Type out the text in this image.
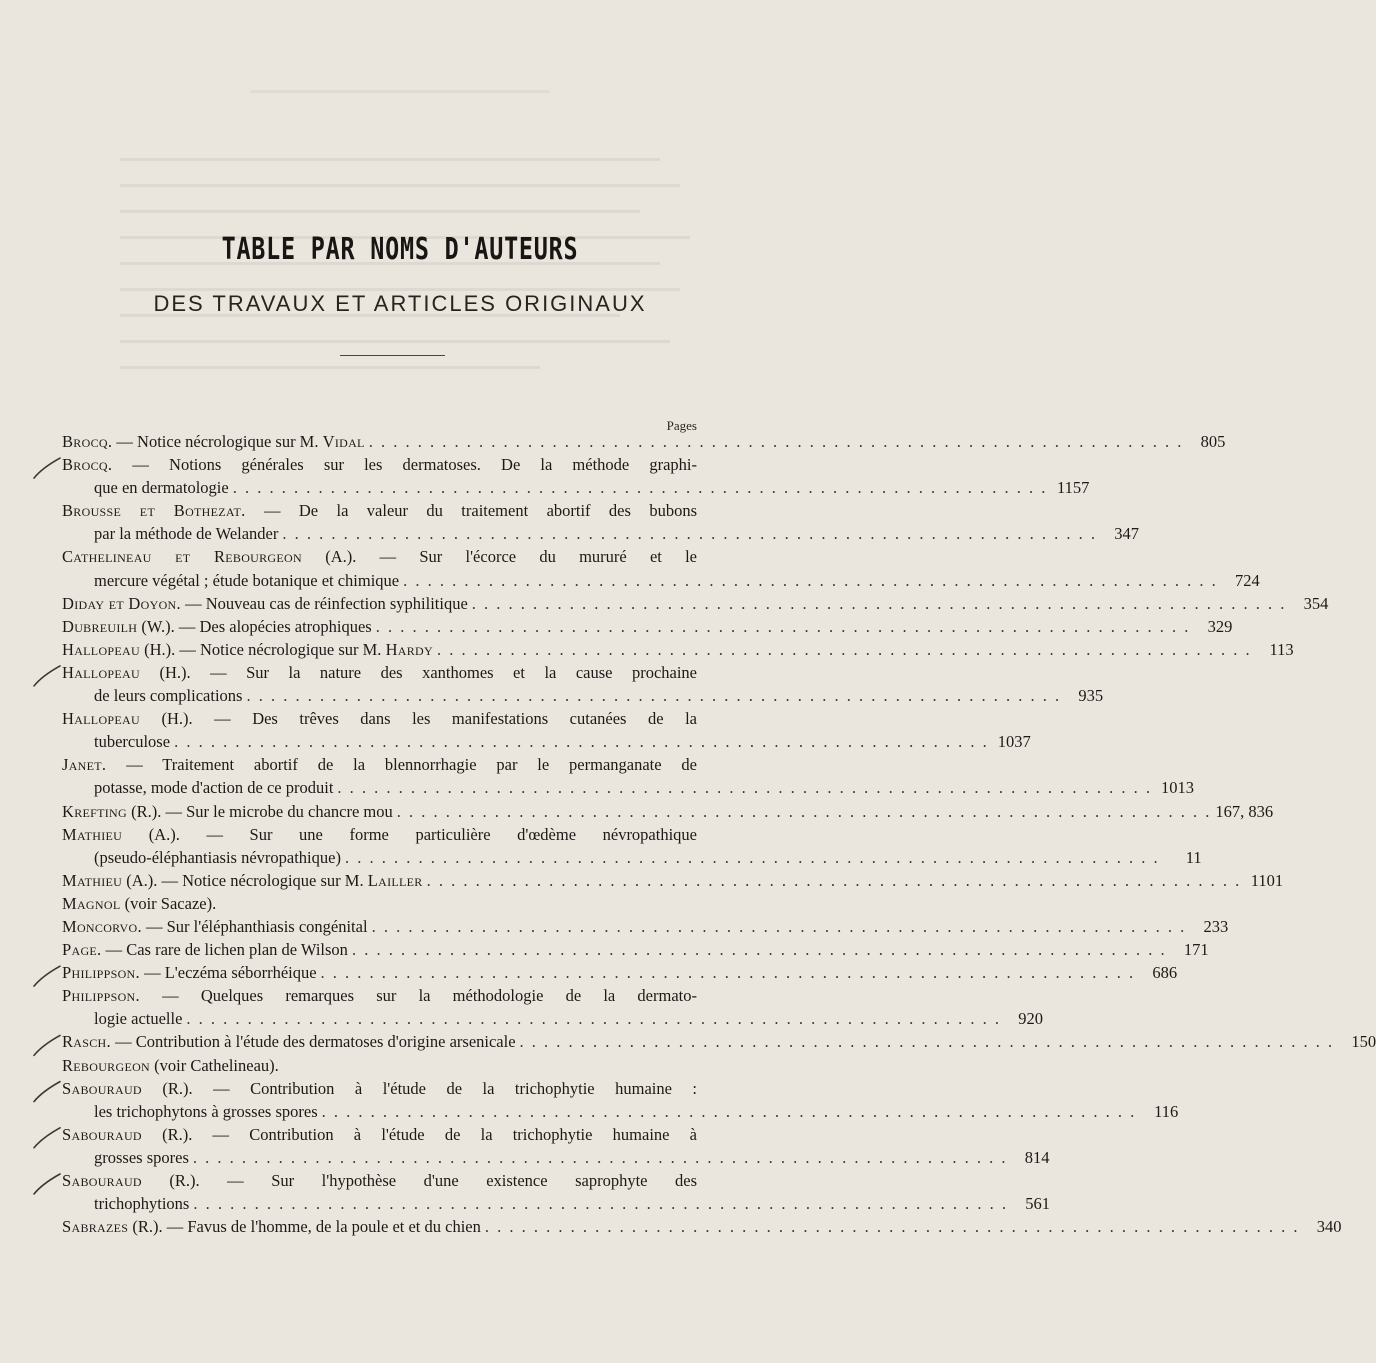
TABLE PAR NOMS D'AUTEURS
DES TRAVAUX ET ARTICLES ORIGINAUX
Pages
Brocq. — Notice nécrologique sur M. Vidal . . . . . . . . . . . . . . . . . . . . . . . . . . . . . . . . . . . . . . . . . . . . . . . . . . . . . . . . . . . . . . . . . . .	805
Brocq. — Notions générales sur les dermatoses. De la méthode graphi-
que en dermatologie . . . . . . . . . . . . . . . . . . . . . . . . . . . . . . . . . . . . . . . . . . . . . . . . . . . . . . . . . . . . . . . . . . . 1157
Brousse et Bothezat. — De la valeur du traitement abortif des bubons
par la méthode de Welander . . . . . . . . . . . . . . . . . . . . . . . . . . . . . . . . . . . . . . . . . . . . . . . . . . . . . . . . . . . . . . . . . . .	347
Cathelineau et Rebourgeon (A.). — Sur l'écorce du mururé et le
mercure végétal ; étude botanique et chimique . . . . . . . . . . . . . . . . . . . . . . . . . . . . . . . . . . . . . . . . . . . . . . . . . . . . . . . . . . . . . . . . . . .	724
Diday et Doyon. — Nouveau cas de réinfection syphilitique . . . . . . . . . . . . . . . . . . . . . . . . . . . . . . . . . . . . . . . . . . . . . . . . . . . . . . . . . . . . . . . . . . .	354
Dubreuilh (W.). — Des alopécies atrophiques . . . . . . . . . . . . . . . . . . . . . . . . . . . . . . . . . . . . . . . . . . . . . . . . . . . . . . . . . . . . . . . . . . .	329
Hallopeau (H.). — Notice nécrologique sur M. Hardy . . . . . . . . . . . . . . . . . . . . . . . . . . . . . . . . . . . . . . . . . . . . . . . . . . . . . . . . . . . . . . . . . . .	113
Hallopeau (H.). — Sur la nature des xanthomes et la cause prochaine
de leurs complications . . . . . . . . . . . . . . . . . . . . . . . . . . . . . . . . . . . . . . . . . . . . . . . . . . . . . . . . . . . . . . . . . . .	935
Hallopeau (H.). — Des trêves dans les manifestations cutanées de la
tuberculose . . . . . . . . . . . . . . . . . . . . . . . . . . . . . . . . . . . . . . . . . . . . . . . . . . . . . . . . . . . . . . . . . . . 1037
Janet. — Traitement abortif de la blennorrhagie par le permanganate de
potasse, mode d'action de ce produit . . . . . . . . . . . . . . . . . . . . . . . . . . . . . . . . . . . . . . . . . . . . . . . . . . . . . . . . . . . . . . . . . . . 1013
Krefting (R.). — Sur le microbe du chancre mou . . . . . . . . . . . . . . . . . . . . . . . . . . . . . . . . . . . . . . . . . . . . . . . . . . . . . . . . . . . . . . . . . . . 167, 836
Mathieu (A.). — Sur une forme particulière d'œdème névropathique
(pseudo-éléphantiasis névropathique) . . . . . . . . . . . . . . . . . . . . . . . . . . . . . . . . . . . . . . . . . . . . . . . . . . . . . . . . . . . . . . . . . . .	11
Mathieu (A.). — Notice nécrologique sur M. Lailler . . . . . . . . . . . . . . . . . . . . . . . . . . . . . . . . . . . . . . . . . . . . . . . . . . . . . . . . . . . . . . . . . . . 1101
Magnol (voir Sacaze).
Moncorvo. — Sur l'éléphanthiasis congénital . . . . . . . . . . . . . . . . . . . . . . . . . . . . . . . . . . . . . . . . . . . . . . . . . . . . . . . . . . . . . . . . . . .	233
Page. — Cas rare de lichen plan de Wilson . . . . . . . . . . . . . . . . . . . . . . . . . . . . . . . . . . . . . . . . . . . . . . . . . . . . . . . . . . . . . . . . . . .	171
Philippson. — L'eczéma séborrhéique . . . . . . . . . . . . . . . . . . . . . . . . . . . . . . . . . . . . . . . . . . . . . . . . . . . . . . . . . . . . . . . . . . .	686
Philippson. — Quelques remarques sur la méthodologie de la dermato-
logie actuelle . . . . . . . . . . . . . . . . . . . . . . . . . . . . . . . . . . . . . . . . . . . . . . . . . . . . . . . . . . . . . . . . . . .	920
Rasch. — Contribution à l'étude des dermatoses d'origine arsenicale . . . . . . . . . . . . . . . . . . . . . . . . . . . . . . . . . . . . . . . . . . . . . . . . . . . . . . . . . . . . . . . . . . .	150
Rebourgeon (voir Cathelineau).
Sabouraud (R.). — Contribution à l'étude de la trichophytie humaine :
les trichophytons à grosses spores . . . . . . . . . . . . . . . . . . . . . . . . . . . . . . . . . . . . . . . . . . . . . . . . . . . . . . . . . . . . . . . . . . .	116
Sabouraud (R.). — Contribution à l'étude de la trichophytie humaine à
grosses spores . . . . . . . . . . . . . . . . . . . . . . . . . . . . . . . . . . . . . . . . . . . . . . . . . . . . . . . . . . . . . . . . . . .	814
Sabouraud (R.). — Sur l'hypothèse d'une existence saprophyte des
trichophytions . . . . . . . . . . . . . . . . . . . . . . . . . . . . . . . . . . . . . . . . . . . . . . . . . . . . . . . . . . . . . . . . . . .	561
Sabrazes (R.). — Favus de l'homme, de la poule et et du chien . . . . . . . . . . . . . . . . . . . . . . . . . . . . . . . . . . . . . . . . . . . . . . . . . . . . . . . . . . . . . . . . . . .	340
